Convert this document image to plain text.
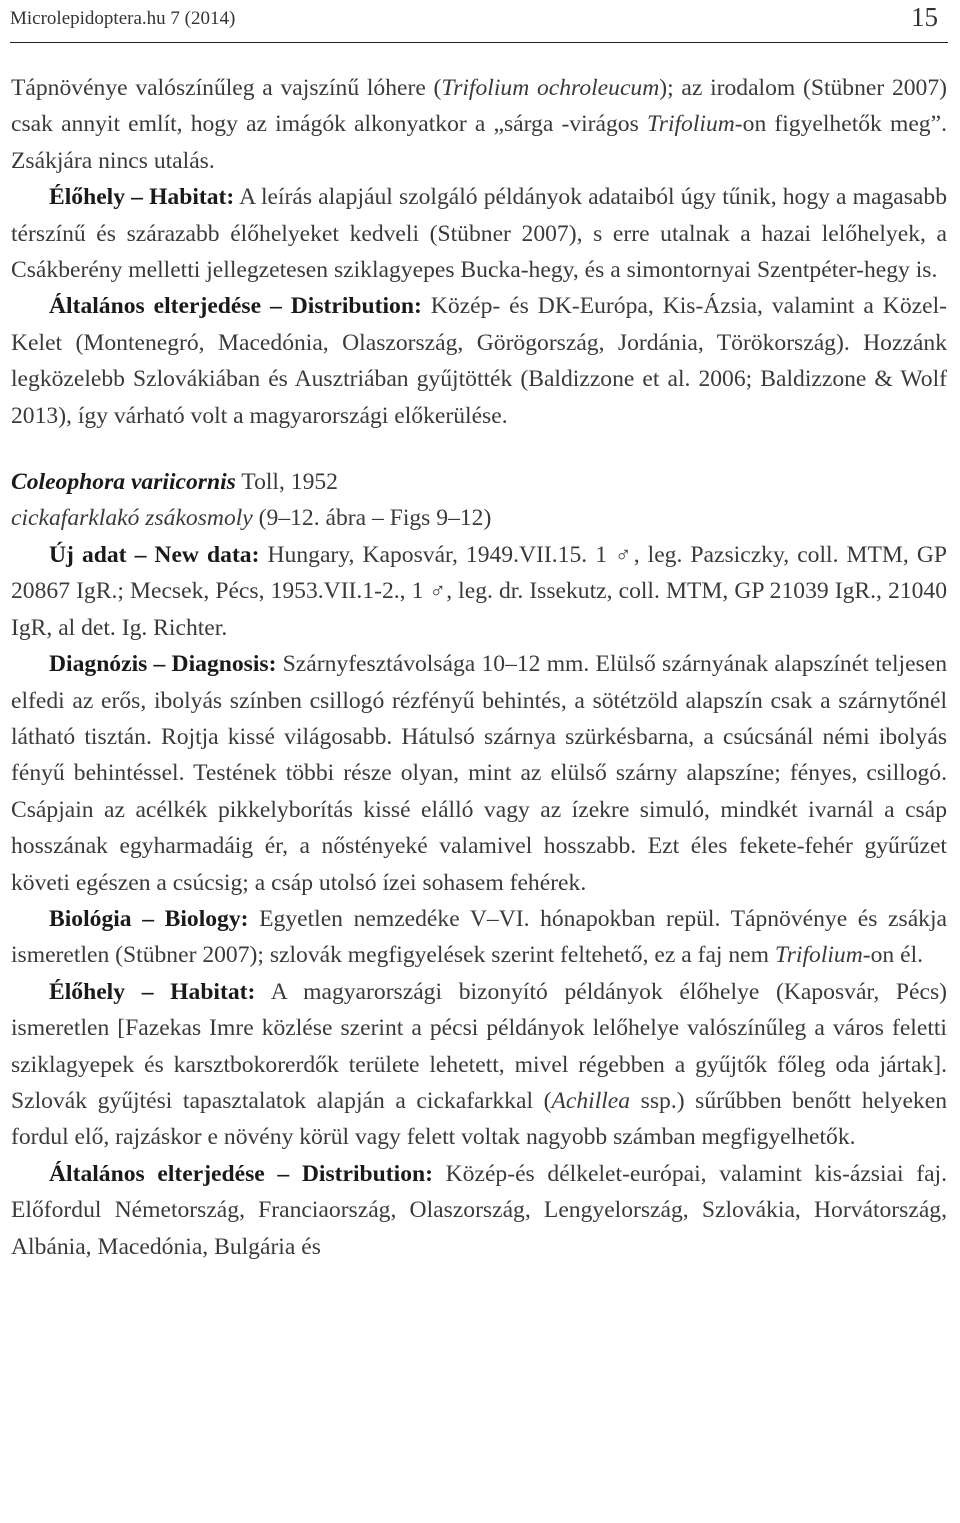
Microlepidoptera.hu 7 (2014)	15

Tápnövénye valószínűleg a vajszínű lóhere (Trifolium ochroleucum); az irodalom (Stübner 2007) csak annyit említ, hogy az imágók alkonyatkor a „sárga -virágos Trifolium-on figyelhetők meg”. Zsákjára nincs utalás.

Élőhely – Habitat: A leírás alapjául szolgáló példányok adataiból úgy tűnik, hogy a magasabb térszínű és szárazabb élőhelyeket kedveli (Stübner 2007), s erre utalnak a hazai lelőhelyek, a Csákberény melletti jellegzetesen sziklagyepes Bucka-hegy, és a simontornyai Szentpéter-hegy is.

Általános elterjedése – Distribution: Közép- és DK-Európa, Kis-Ázsia, valamint a Közel-Kelet (Montenegró, Macedónia, Olaszország, Görögország, Jordánia, Törökország). Hozzánk legközelebb Szlovákiában és Ausztriában gyűjtötték (Baldizzone et al. 2006; Baldizzone & Wolf 2013), így várható volt a magyarországi előkerülése.

Coleophora variicornis Toll, 1952

cickafarklakó zsákosmoly (9–12. ábra – Figs 9–12)

Új adat – New data: Hungary, Kaposvár, 1949.VII.15. 1 ♂, leg. Pazsiczky, coll. MTM, GP 20867 IgR.; Mecsek, Pécs, 1953.VII.1-2., 1 ♂, leg. dr. Issekutz, coll. MTM, GP 21039 IgR., 21040 IgR, al det. Ig. Richter.

Diagnózis – Diagnosis: Szárnyfesztávolsága 10–12 mm. Elülső szárnyának alapszínét teljesen elfedi az erős, ibolyás színben csillogó rézfényű behintés, a sötétzöld alapszín csak a szárnytőnél látható tisztán. Rojtja kissé világosabb. Hátulsó szárnya szürkésbarna, a csúcsánál némi ibolyás fényű behintéssel. Testének többi része olyan, mint az elülső szárny alapszíne; fényes, csillogó. Csápjain az acélkék pikkelyborítás kissé eláll​ó vagy az ízekre simuló, mindkét ivarnál a csáp hosszának egyharmadáig ér, a nőstényeké valamivel hosszabb. Ezt éles fekete-fehér gyűrűzet követi egészen a csúcsig; a csáp utolsó ízei sohasem fehérek.

Biológia – Biology: Egyetlen nemzedéke V–VI. hónapokban repül. Tápnövénye és zsákja ismeretlen (Stübner 2007); szlovák megfigyelések szerint feltehető, ez a faj nem Trifolium-on él.

Élőhely – Habitat: A magyarországi bizonyító példányok élőhelye (Kaposvár, Pécs) ismeretlen [Fazekas Imre közlése szerint a pécsi példányok lelőhelye valószínűleg a város feletti sziklagyepek és karsztbokorerdők területe lehetett, mivel régebben a gyűjtők főleg oda jártak]. Szlovák gyűjtési tapasztalatok alapján a cickafarkkal (Achillea ssp.) sűrűbben benőtt helyeken fordul elő, rajzáskor e növény körül vagy felett voltak nagyobb számban megfigyelhetők.

Általános elterjedése – Distribution: Közép-és délkelet-európai, valamint kis-ázsiai faj. Előfordul Németország, Franciaország, Olaszország, Lengyelország, Szlovákia, Horvátország, Albánia, Macedónia, Bulgária és
